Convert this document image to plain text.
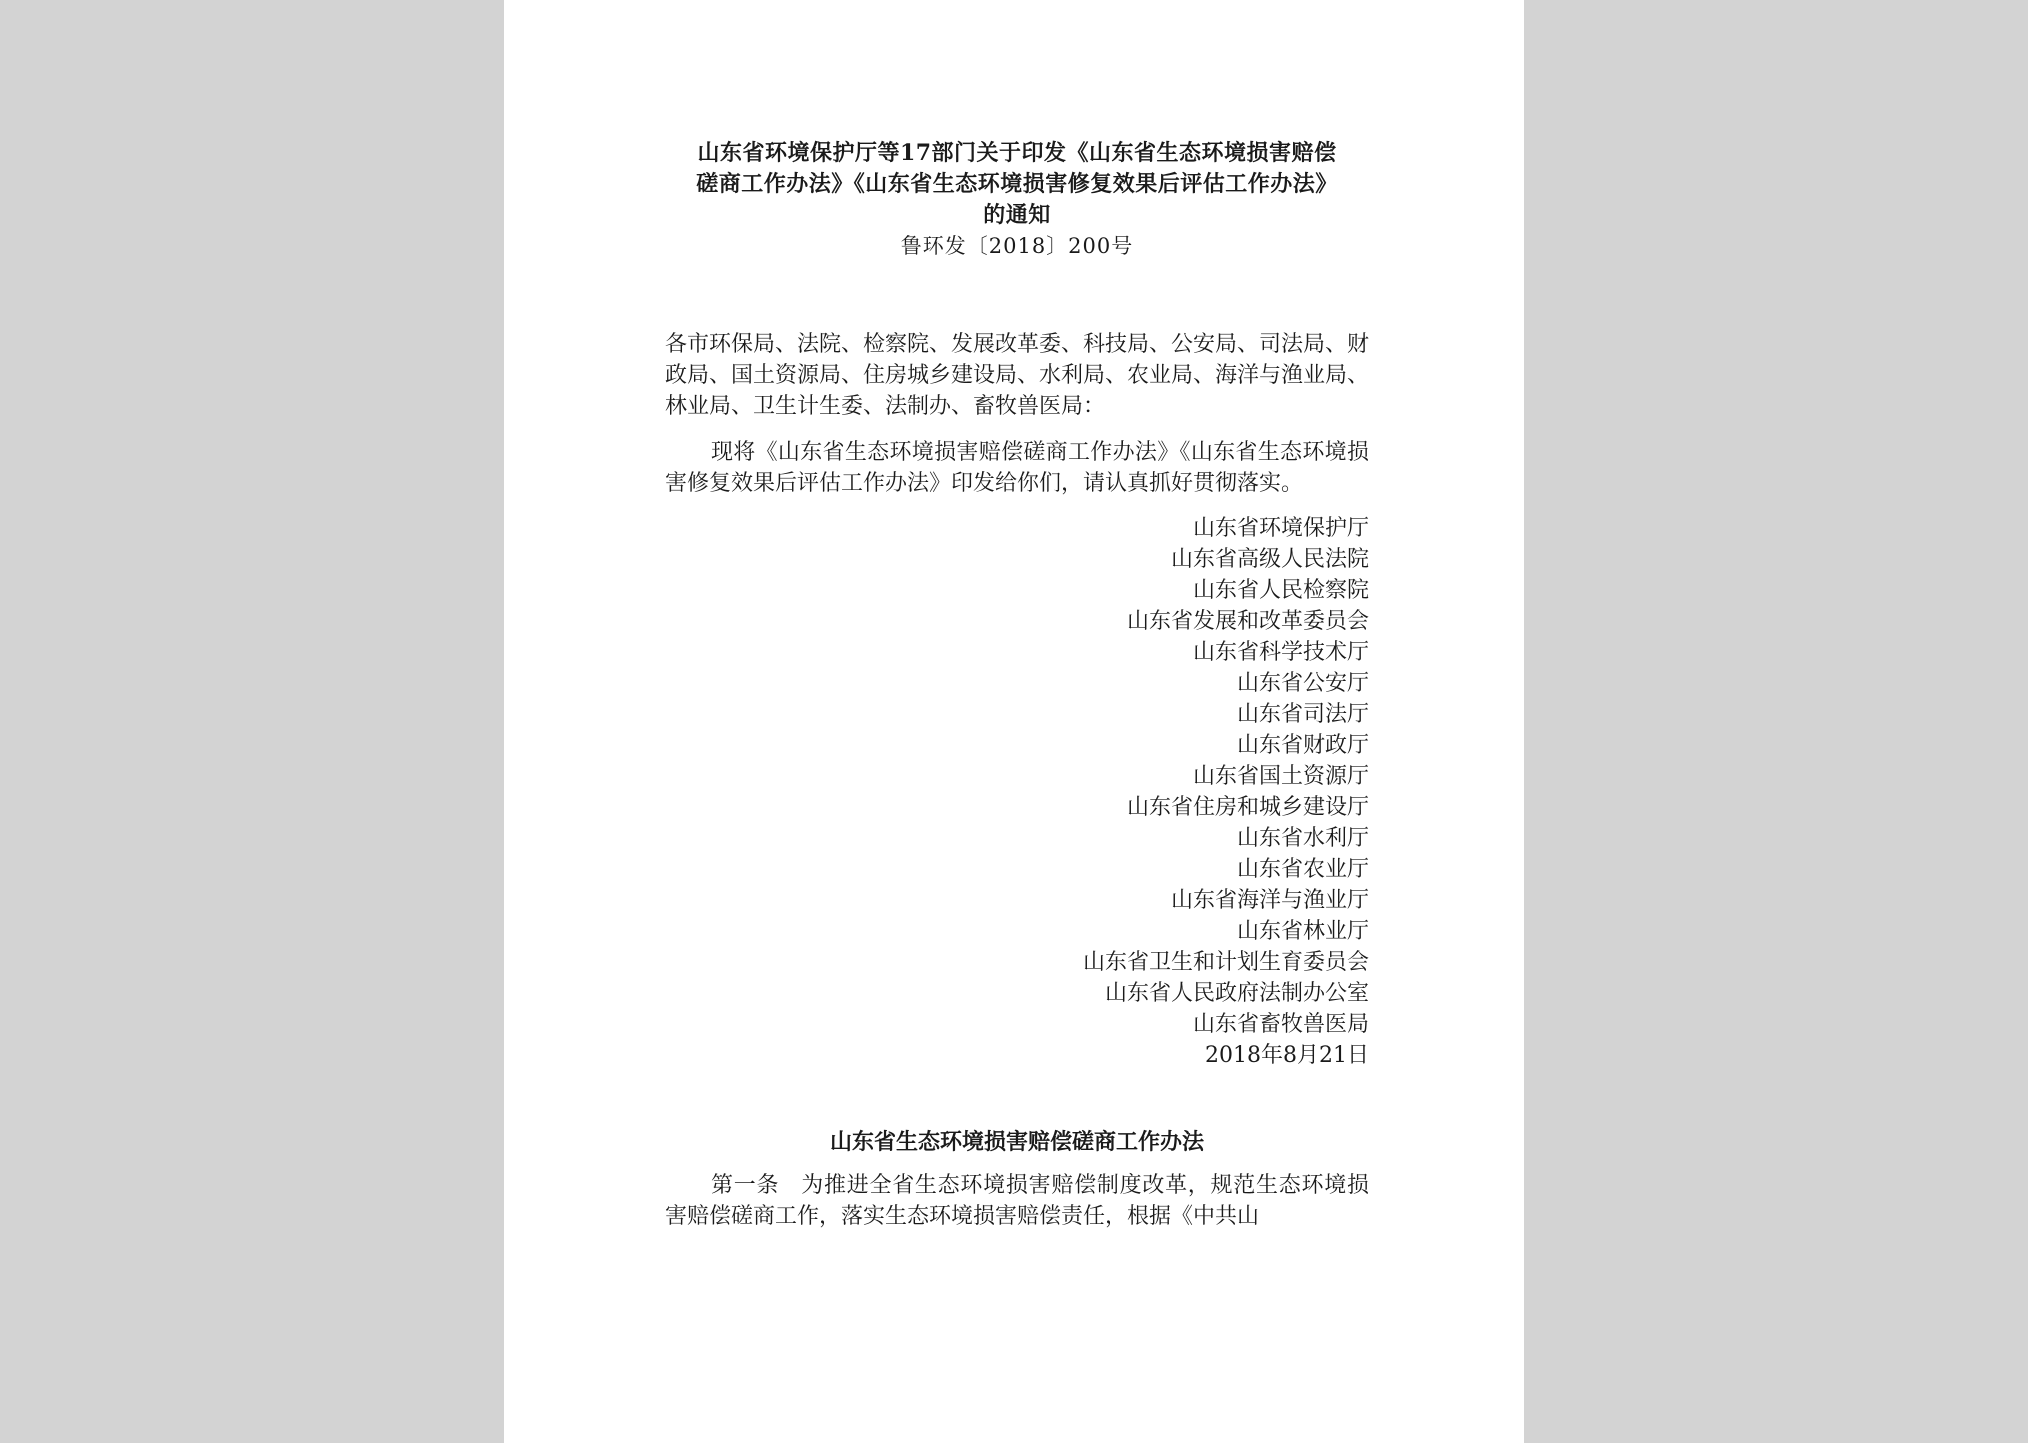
山东省环境保护厅等17部门关于印发《山东省生态环境损害赔偿
磋商工作办法》《山东省生态环境损害修复效果后评估工作办法》
的通知
鲁环发〔2018〕200号
各市环保局、法院、检察院、发展改革委、科技局、公安局、司法局、财政局、国土资源局、住房城乡建设局、水利局、农业局、海洋与渔业局、林业局、卫生计生委、法制办、畜牧兽医局：
现将《山东省生态环境损害赔偿磋商工作办法》《山东省生态环境损害修复效果后评估工作办法》印发给你们，请认真抓好贯彻落实。
山东省环境保护厅
山东省高级人民法院
山东省人民检察院
山东省发展和改革委员会
山东省科学技术厅
山东省公安厅
山东省司法厅
山东省财政厅
山东省国土资源厅
山东省住房和城乡建设厅
山东省水利厅
山东省农业厅
山东省海洋与渔业厅
山东省林业厅
山东省卫生和计划生育委员会
山东省人民政府法制办公室
山东省畜牧兽医局
2018年8月21日
山东省生态环境损害赔偿磋商工作办法
第一条 为推进全省生态环境损害赔偿制度改革，规范生态环境损害赔偿磋商工作，落实生态环境损害赔偿责任，根据《中共山
